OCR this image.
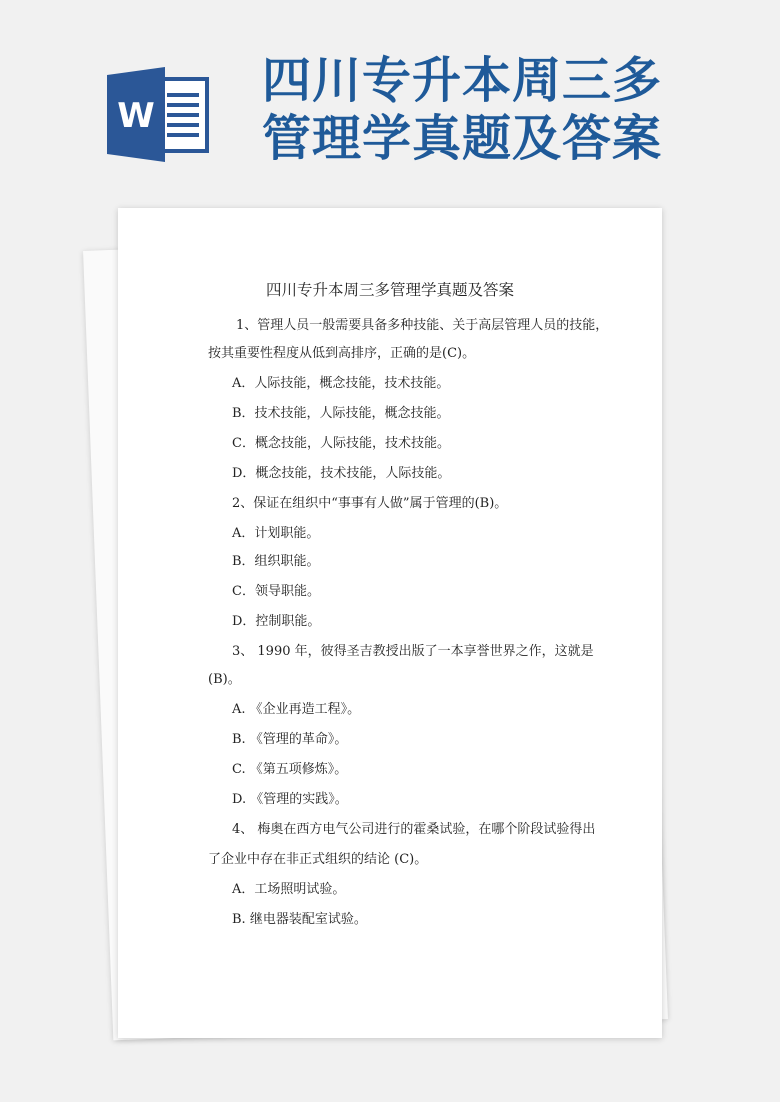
W
四川专升本周三多
管理学真题及答案
四川专升本周三多管理学真题及答案
1、管理人员一般需要具备多种技能、关于高层管理人员的技能，
按其重要性程度从低到高排序，正确的是(C)。
A．人际技能，概念技能，技术技能。
B．技术技能，人际技能，概念技能。
C．概念技能，人际技能，技术技能。
D．概念技能，技术技能，人际技能。
2、保证在组织中“事事有人做”属于管理的(B)。
A．计划职能。
B．组织职能。
C．领导职能。
D．控制职能。
3、 1990 年，彼得圣吉教授出版了一本享誉世界之作，这就是
(B)。
A. 《企业再造工程》。
B. 《管理的革命》。
C. 《第五项修炼》。
D. 《管理的实践》。
4、 梅奥在西方电气公司进行的霍桑试验，在哪个阶段试验得出
了企业中存在非正式组织的结论 (C)。
A．工场照明试验。
B. 继电器装配室试验。
